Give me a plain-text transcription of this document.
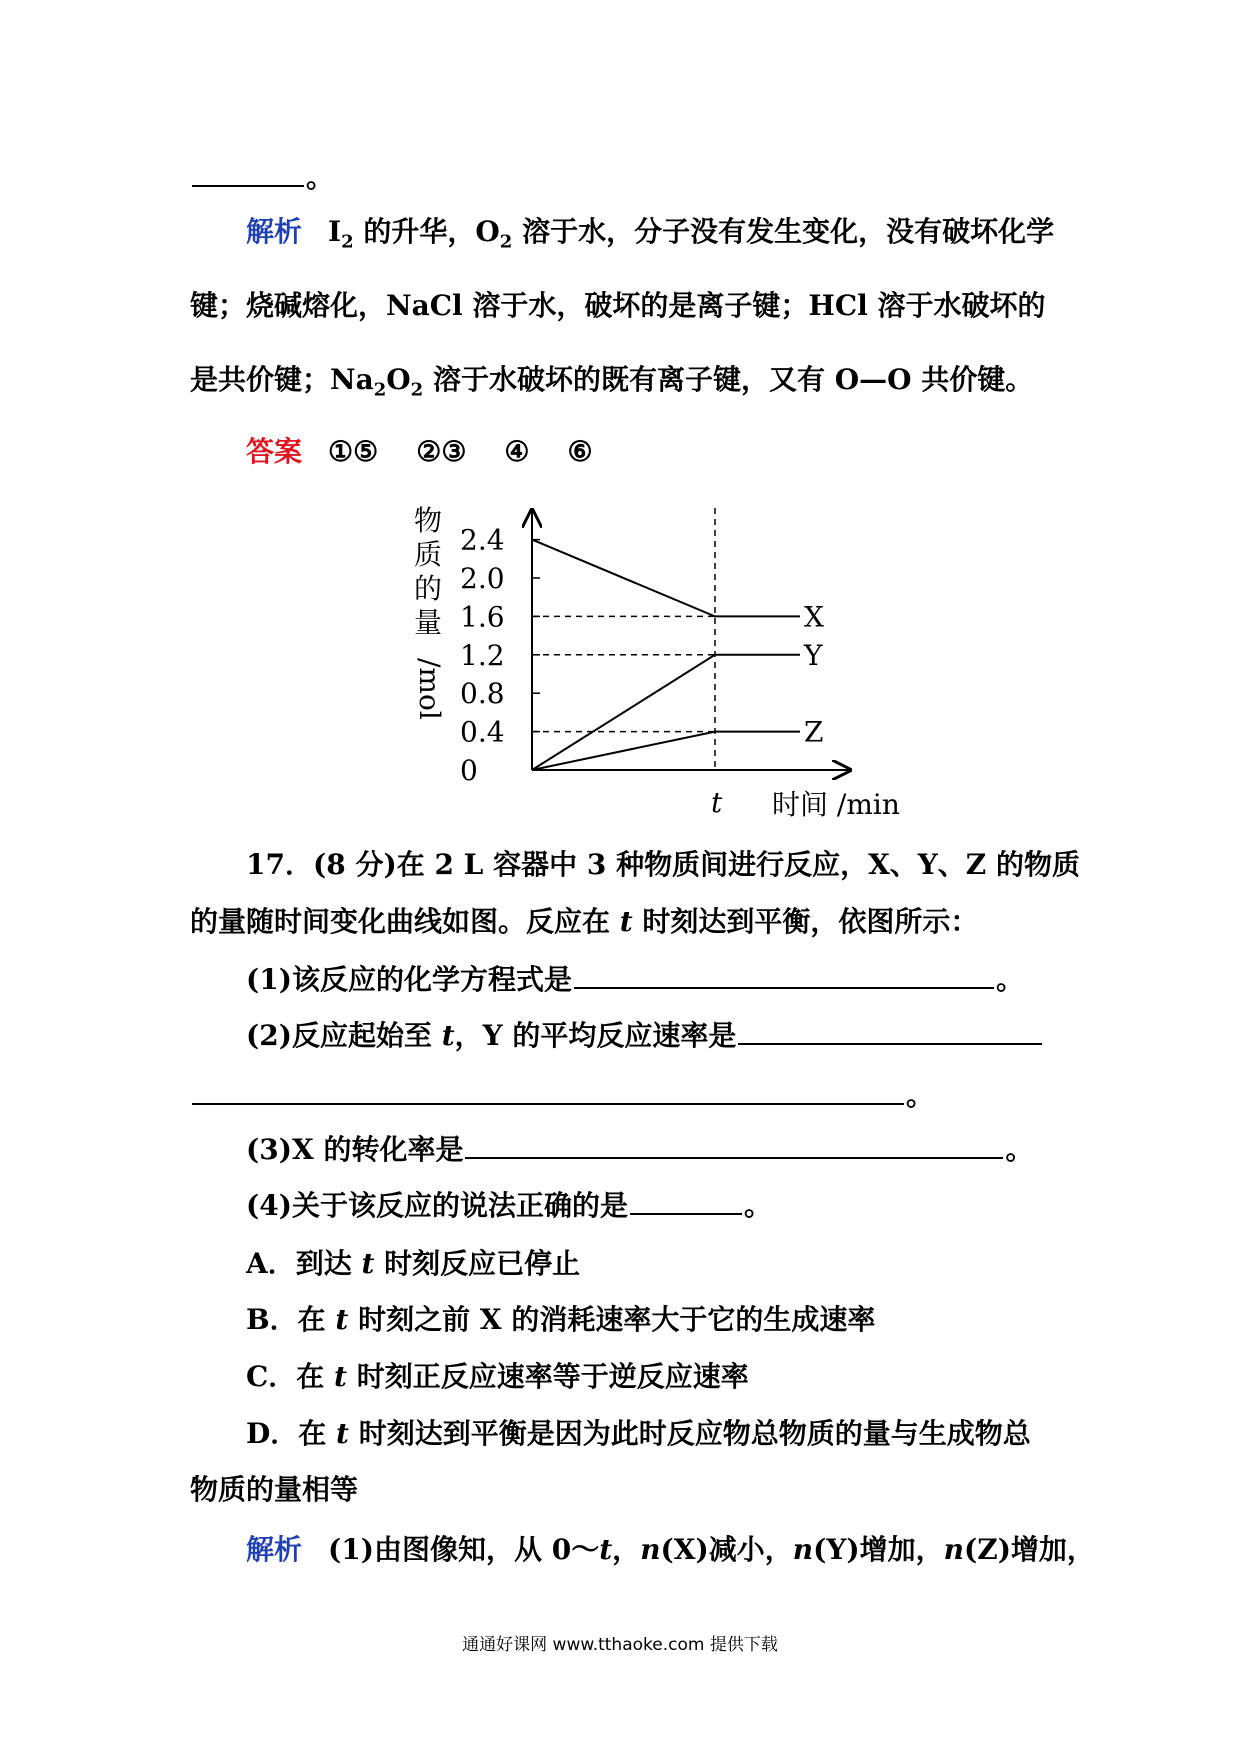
。
解析 $I_2$ 的升华，$O_2$ 溶于水，分子没有发生变化，没有破坏化学
键；烧碱熔化，NaCl 溶于水，破坏的是离子键；HCl 溶于水破坏的
是共价键；$Na_2O_2$ 溶于水破坏的既有离子键，又有 O—O 共价键。
答案 ①⑤ ②③ ④ ⑥
X
Y
Z
0
0.4
0.8
1.2
1.6
2.0
2.4
t
物
质
的
量
/mol
时间 /min
17．(8 分)在 2 L 容器中 3 种物质间进行反应，X、Y、Z 的物质
的量随时间变化曲线如图。反应在 t 时刻达到平衡，依图所示：
(1)该反应的化学方程式是	。
(2)反应起始至 t，Y 的平均反应速率是
。
(3)X 的转化率是	。
(4)关于该反应的说法正确的是	。
A．到达 t 时刻反应已停止
B．在 t 时刻之前 X 的消耗速率大于它的生成速率
C．在 t 时刻正反应速率等于逆反应速率
D．在 t 时刻达到平衡是因为此时反应物总物质的量与生成物总
物质的量相等
解析 (1)由图像知，从 0～t，n(X)减小，n(Y)增加，n(Z)增加，
通通好课网 www.tthaoke.com 提供下载
